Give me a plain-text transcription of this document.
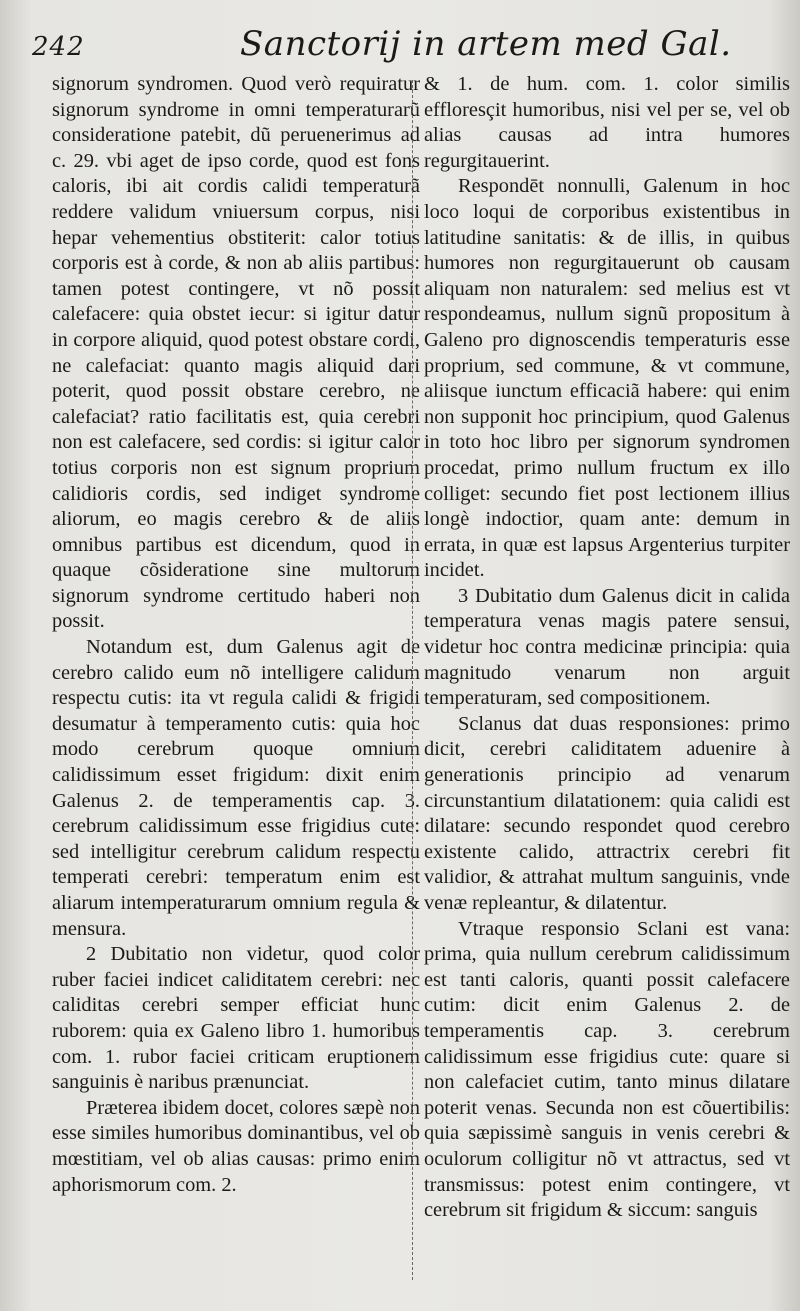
242	Sanctorij in artem med Gal.

signorum syndromen. Quod verò requiratur signorum syndrome in omni temperaturarũ consideratione patebit, dũ peruenerimus ad c. 29. vbi aget de ipso corde, quod est fons caloris, ibi ait cordis calidi temperaturã reddere validum vniuersum corpus, nisi hepar vehementius obstiterit: calor totius corporis est à corde, & non ab aliis partibus: tamen potest contingere, vt nõ possit calefacere: quia obstet iecur: si igitur datur in corpore aliquid, quod potest obstare cordi, ne calefaciat: quanto magis aliquid dari poterit, quod possit obstare cerebro, ne calefaciat? ratio facilitatis est, quia cerebri non est calefacere, sed cordis: si igitur calor totius corporis non est signum proprium calidioris cordis, sed indiget syndrome aliorum, eo magis cerebro & de aliis omnibus partibus est dicendum, quod in quaque cõsideratione sine multorum signorum syndrome certitudo haberi non possit.

Notandum est, dum Galenus agit de cerebro calido eum nõ intelligere calidum respectu cutis: ita vt regula calidi & frigidi desumatur à temperamento cutis: quia hoc modo cerebrum quoque omnium calidissimum esset frigidum: dixit enim Galenus 2. de temperamentis cap. 3. cerebrum calidissimum esse frigidius cute: sed intelligitur cerebrum calidum respectu temperati cerebri: temperatum enim est aliarum intemperaturarum omnium regula & mensura.

2 Dubitatio non videtur, quod color ruber faciei indicet caliditatem cerebri: nec caliditas cerebri semper efficiat hunc ruborem: quia ex Galeno libro 1. humoribus com. 1. rubor faciei criticam eruptionem sanguinis è naribus prænunciat.

Præterea ibidem docet, colores sæpè non esse similes humoribus dominantibus, vel ob mœstitiam, vel ob alias causas: primo enim aphorismorum com. 2.

& 1. de hum. com. 1. color similis effloresçit humoribus, nisi vel per se, vel ob alias causas ad intra humores regurgitauerint.

Respondēt nonnulli, Galenum in hoc loco loqui de corporibus existentibus in latitudine sanitatis: & de illis, in quibus humores non regurgitauerunt ob causam aliquam non naturalem: sed melius est vt respondeamus, nullum signũ propositum à Galeno pro dignoscendis temperaturis esse proprium, sed commune, & vt commune, aliisque iunctum efficaciã habere: qui enim non supponit hoc principium, quod Galenus in toto hoc libro per signorum syndromen procedat, primo nullum fructum ex illo colliget: secundo fiet post lectionem illius longè indoctior, quam ante: demum in errata, in quæ est lapsus Argenterius turpiter incidet.

3 Dubitatio dum Galenus dicit in calida temperatura venas magis patere sensui, videtur hoc contra medicinæ principia: quia magnitudo venarum non arguit temperaturam, sed compositionem.

Sclanus dat duas responsiones: primo dicit, cerebri caliditatem aduenire à generationis principio ad venarum circunstantium dilatationem: quia calidi est dilatare: secundo respondet quod cerebro existente calido, attractrix cerebri fit validior, & attrahat multum sanguinis, vnde venæ repleantur, & dilatentur.

Vtraque responsio Sclani est vana: prima, quia nullum cerebrum calidissimum est tanti caloris, quanti possit calefacere cutim: dicit enim Galenus 2. de temperamentis cap. 3. cerebrum calidissimum esse frigidius cute: quare si non calefaciet cutim, tanto minus dilatare poterit venas. Secunda non est cõuertibilis: quia sæpissimè sanguis in venis cerebri & oculorum colligitur nõ vt attractus, sed vt transmissus: potest enim contingere, vt cerebrum sit frigidum & siccum: sanguis
